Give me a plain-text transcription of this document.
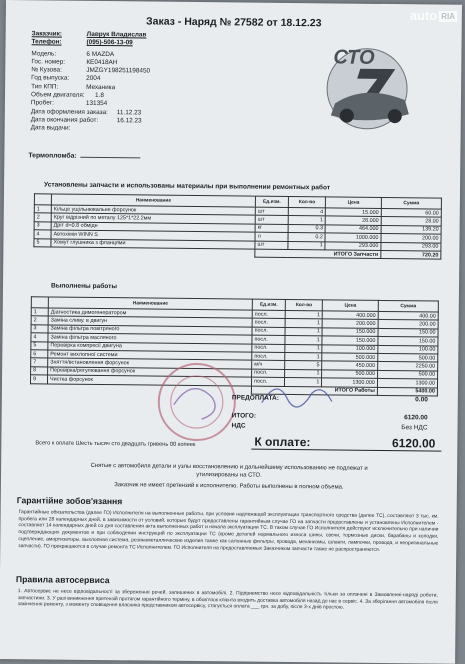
Заказ - Наряд № 27582 от 18.12.23
Заказчик:	Лаврук Владислав
Телефон:	(095)-506-13-09
Модель:	6 MAZDA
Гос. номер:	КЕ0418АН
№ Кузова:	JMZGY198251198450
Год выпуска:	2004
Тип КПП:	Механика
Объем двигателя: 1.8
Пробег:	131354
Дата оформления заказа: 11.12.23
Дата окончания работ:	16.12.23
Дата выдачи:
СТО
Термопломба:
Установлены запчасти и использованы материалы при выполнении ремонтных работ
	Наименование	Ед.изм.	Кол-во	Цена	Сумма
1	Кільце ущільнювальне форсунок	шт	4	15.000	60.00
2	Круг відрізний по металу 125*1*22.2мм	шт	1	28.000	28.00
3	Дріт d=0.8 обмідн	кг	0.3	464.000	139.20
4	Автохімія WINN S	л	0.2	1000.000	200.00
5	Хомут глушника з фланцями	шт	1	293.000	293.00
		ИТОГО Запчасти			720.20
Выполнены работы
	Наименование	Ед.изм.	Кол-во	Цена	Сумма
1	Діагностика димогенератором	посл.	1	400.000	400.00
2	Заміна сливу. в двигун	посл.	1	200.000	200.00
3	Заміна фільтра повітряного	посл.	1	150.000	150.00
4	Заміна фільтра масляного	посл.	1	150.000	150.00
5	Перевірка компресії двигуна	посл.	1	100.000	100.00
6	Ремонт вихлопної системи	посл.	1	500.000	500.00
7	Зняття/встановлення форсунок	м/ч	5	450.000	2250.00
8	Перевірка/регулювання форсунок	посл.	1	500.000	500.00
9	Чистка форсунок	посл.	1	1300.000	1300.00
		ИТОГО Работы			5400.00
ПРЕДОПЛАТА:	0.00
ИТОГО:	6120.00
НДС	Без НДС
К оплате:	6120.00
Всего к оплате Шесть тысяч сто двадцать гривень 00 копеек
Снятые с автомобиля детали и узлы восстановлению и дальнейшему использованию не подлежат и
утилизированы на СТО.
Заказчик не имеет претензий к исполнителю. Работы выполнены в полном объема.
Гарантійне зобов'язання
Гарантийные обязательства (далее ГО) Исполнителя на выполненные работы, при условии надлежащей эксплуатации транспортного средства (далее ТС), составляют 3 тыс. км. пробега или 28 календарных дней, в зависимости от условий, которые будут предоставлены гарантийным случае ГО на запчасти предоставлены и установлены Исполнителем - составляет 14 календарных дней со дня составления акта выполненных работ и начала эксплуатации ТС. В таком случае ГО Исполнителя действуют исключительно при наличии подтверждающих документов и при соблюдении инструкций по эксплуатации ТС (кроме деталей нормального износа шины, свечи, тормозные диски, барабаны и колодки, сцепление, амортизаторы, выхлопная система, резинометаллические изделия также как салонные фильтры, провода, механизмы, шланги, лампочки, провода, и неоригинальные запчасти). ГО прекращаются в случае ремонта ТС Исполнителем. ГО Исполнителя на предоставляемых Заказчиком запчасти также не распространяются.
Правила автосервиса
1. Автосервис не несе відповідальності за збереження речей, залишених в автомобілі. 2. Підприємство несе відповідальність тільки за оплачені в Замовленні-наряді роботи, запчастини. 3. У разі виникнення претензій протягом гарантійного терміну, в обов'язок клієнта входить доставка автомобіля назад до нас в сервіс. 4. За зберігання автомобіля після закінчення ремонту, з моменту сповіщення власника представником автосервісу, стягується оплата ___ грн. за добу, після 3-х днів простою.
auto RIA
